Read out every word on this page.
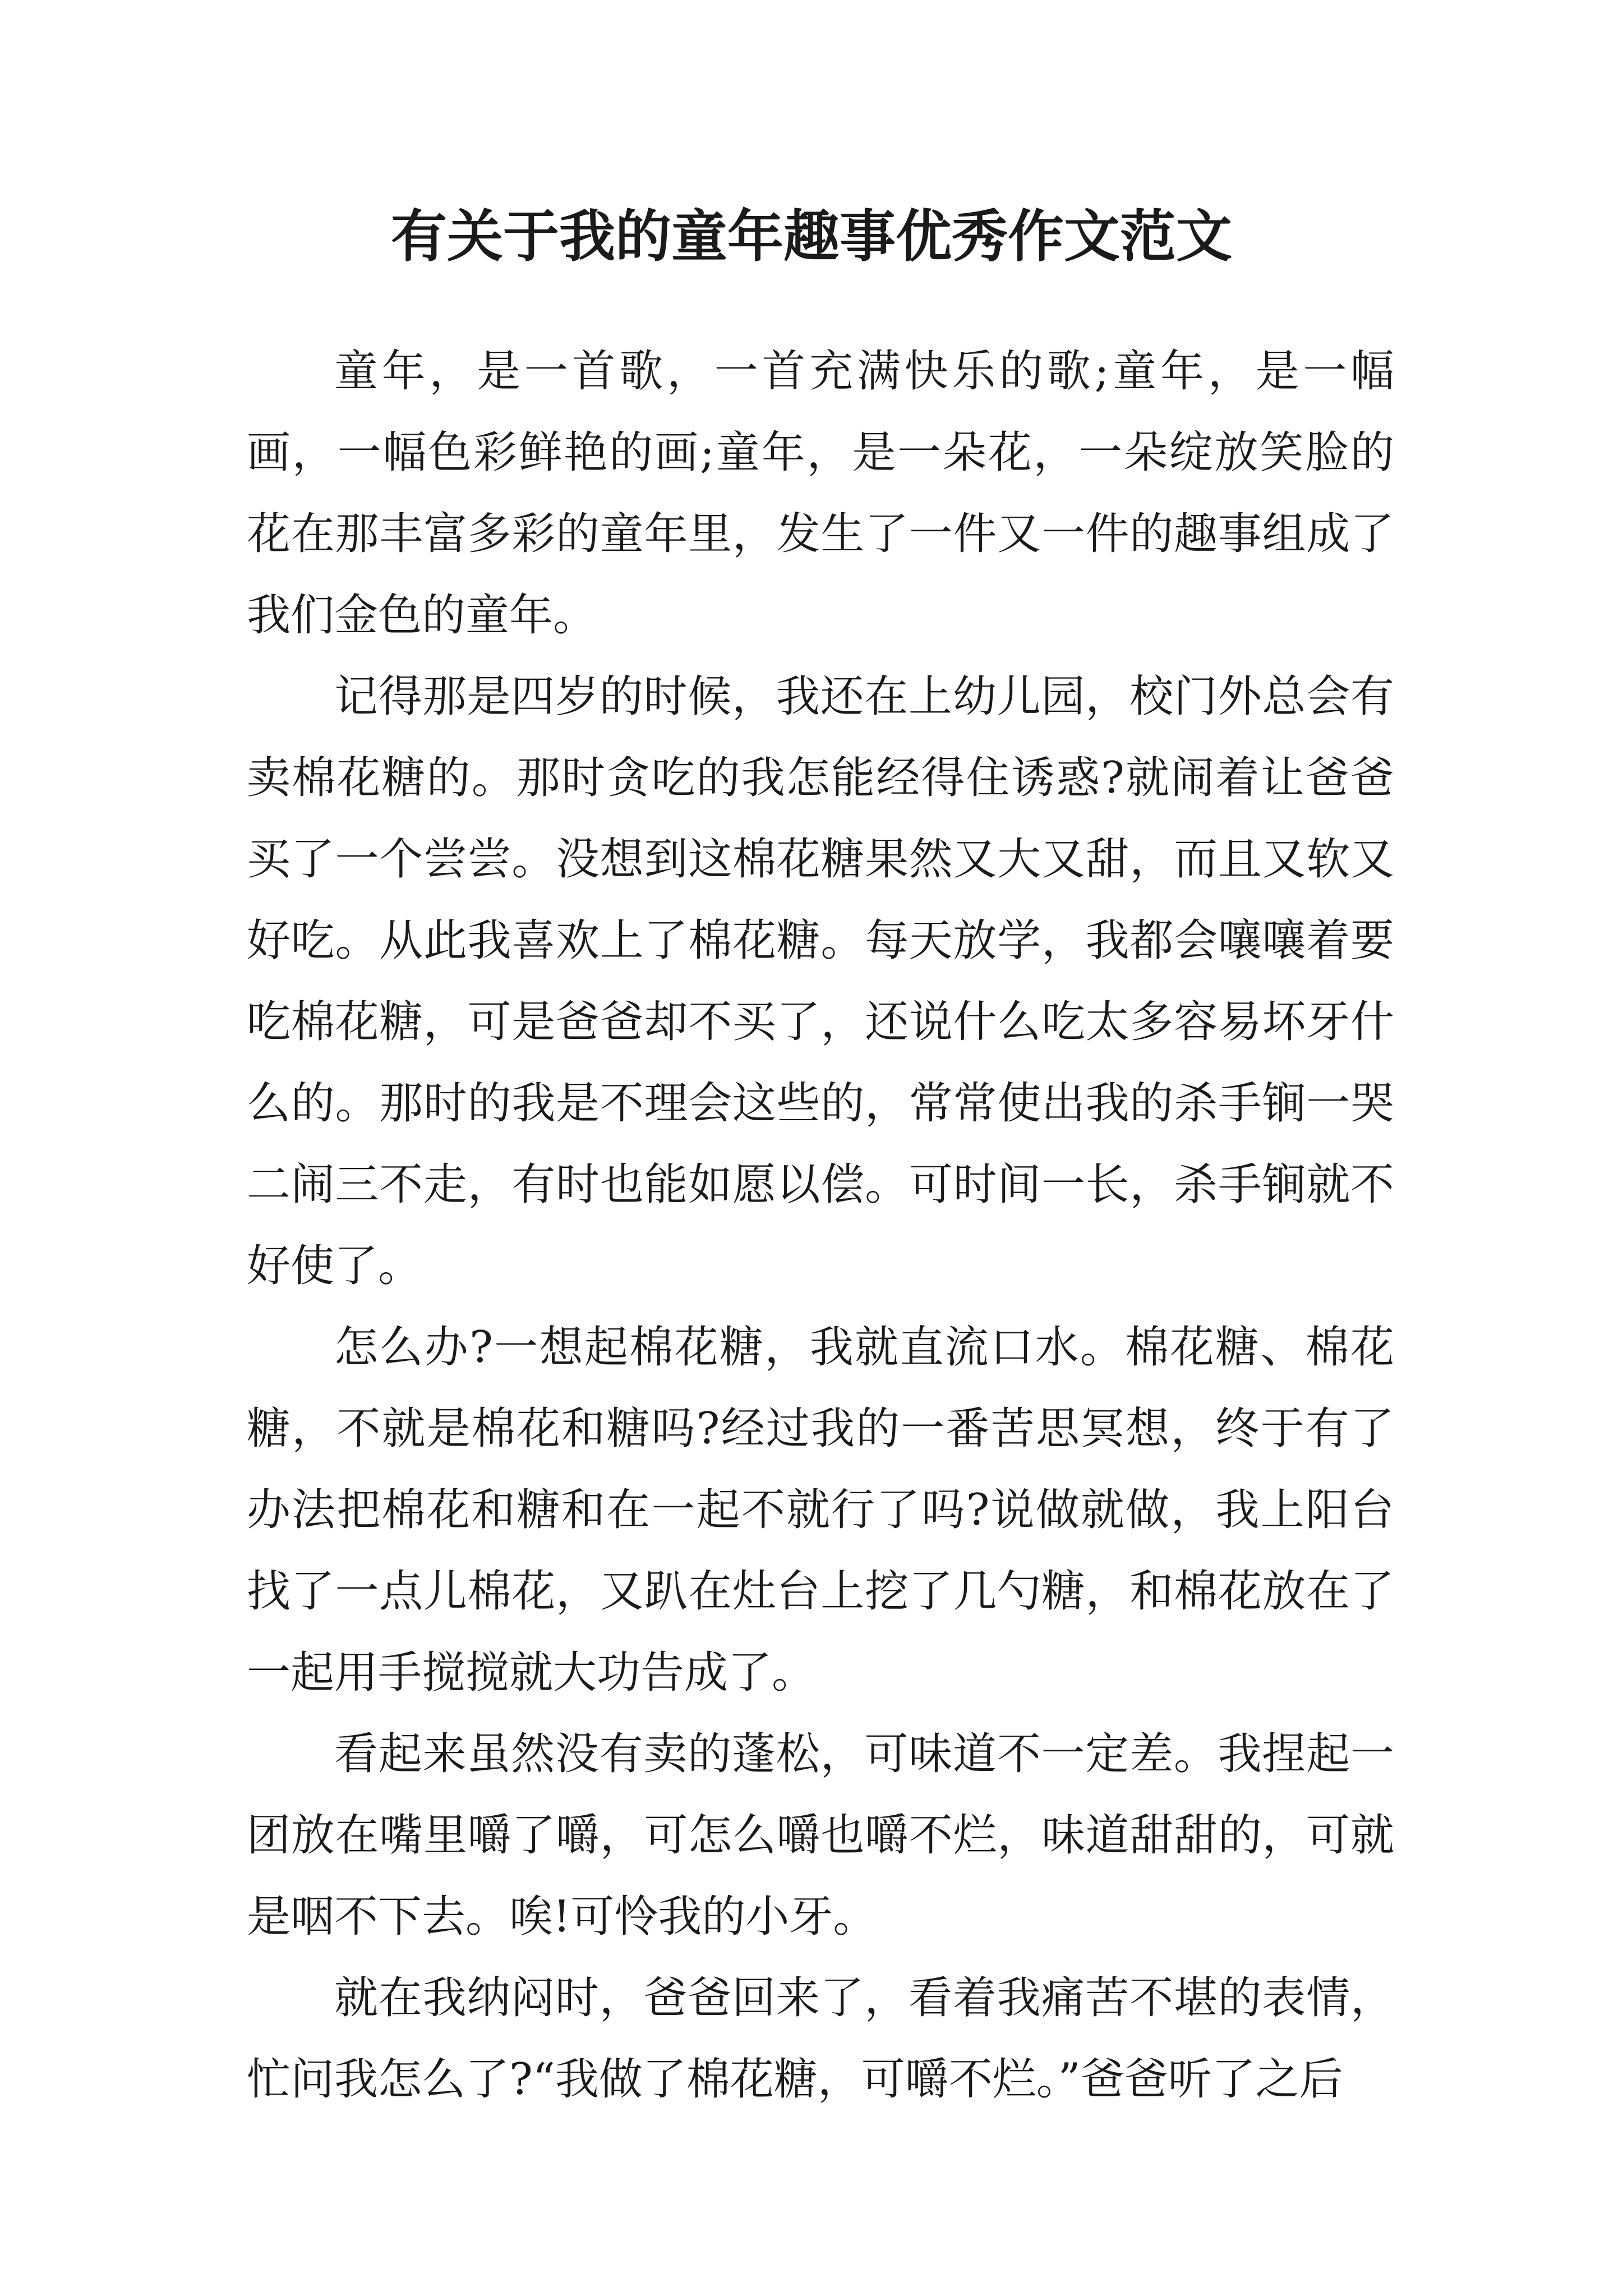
有关于我的童年趣事优秀作文范文

童年，是一首歌，一首充满快乐的歌;童年，是一幅画，一幅色彩鲜艳的画;童年，是一朵花，一朵绽放笑脸的花在那丰富多彩的童年里，发生了一件又一件的趣事组成了我们金色的童年。

记得那是四岁的时候，我还在上幼儿园，校门外总会有卖棉花糖的。那时贪吃的我怎能经得住诱惑?就闹着让爸爸买了一个尝尝。没想到这棉花糖果然又大又甜，而且又软又好吃。从此我喜欢上了棉花糖。每天放学，我都会嚷嚷着要吃棉花糖，可是爸爸却不买了，还说什么吃太多容易坏牙什么的。那时的我是不理会这些的，常常使出我的杀手锏一哭二闹三不走，有时也能如愿以偿。可时间一长，杀手锏就不好使了。

怎么办?一想起棉花糖，我就直流口水。棉花糖、棉花糖，不就是棉花和糖吗?经过我的一番苦思冥想，终于有了办法把棉花和糖和在一起不就行了吗?说做就做，我上阳台找了一点儿棉花，又趴在灶台上挖了几勺糖，和棉花放在了一起用手搅搅就大功告成了。

看起来虽然没有卖的蓬松，可味道不一定差。我捏起一团放在嘴里嚼了嚼，可怎么嚼也嚼不烂，味道甜甜的，可就是咽不下去。唉!可怜我的小牙。

就在我纳闷时，爸爸回来了，看着我痛苦不堪的表情，忙问我怎么了?“我做了棉花糖，可嚼不烂。”爸爸听了之后
